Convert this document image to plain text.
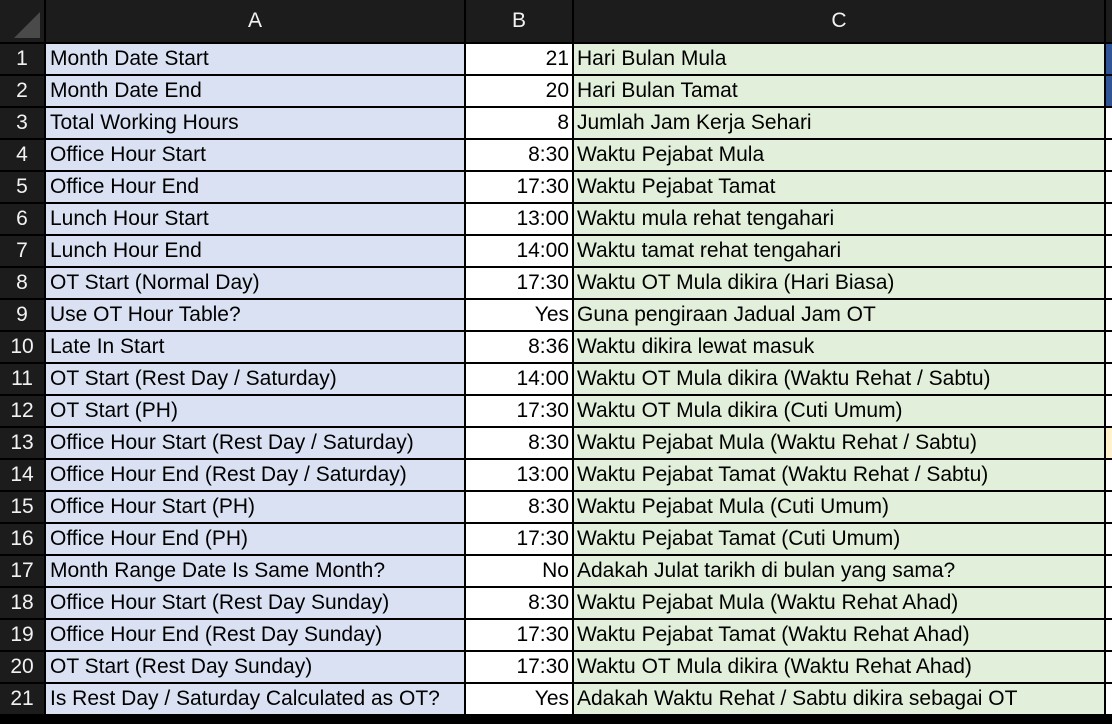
A	B	C
1	Month Date Start	21 Hari Bulan Mula
2	Month Date End	20 Hari Bulan Tamat
3	Total Working Hours	8 Jumlah Jam Kerja Sehari
4	Office Hour Start	8:30 Waktu Pejabat Mula
5	Office Hour End	17:30 Waktu Pejabat Tamat
6	Lunch Hour Start	13:00 Waktu mula rehat tengahari
7	Lunch Hour End	14:00 Waktu tamat rehat tengahari
8	OT Start (Normal Day)	17:30 Waktu OT Mula dikira (Hari Biasa)
9	Use OT Hour Table?	Yes Guna pengiraan Jadual Jam OT
10 Late In Start	8:36 Waktu dikira lewat masuk
11 OT Start (Rest Day / Saturday)	14:00 Waktu OT Mula dikira (Waktu Rehat / Sabtu)
12 OT Start (PH)	17:30 Waktu OT Mula dikira (Cuti Umum)
13 Office Hour Start (Rest Day / Saturday)	8:30 Waktu Pejabat Mula (Waktu Rehat / Sabtu)
14 Office Hour End (Rest Day / Saturday)	13:00 Waktu Pejabat Tamat (Waktu Rehat / Sabtu)
15 Office Hour Start (PH)	8:30 Waktu Pejabat Mula (Cuti Umum)
16 Office Hour End (PH)	17:30 Waktu Pejabat Tamat (Cuti Umum)
17 Month Range Date Is Same Month?	No Adakah Julat tarikh di bulan yang sama?
18 Office Hour Start (Rest Day Sunday)	8:30 Waktu Pejabat Mula (Waktu Rehat Ahad)
19 Office Hour End (Rest Day Sunday)	17:30 Waktu Pejabat Tamat (Waktu Rehat Ahad)
20 OT Start (Rest Day Sunday)	17:30 Waktu OT Mula dikira (Waktu Rehat Ahad)
21 Is Rest Day / Saturday Calculated as OT?	Yes Adakah Waktu Rehat / Sabtu dikira sebagai OT
